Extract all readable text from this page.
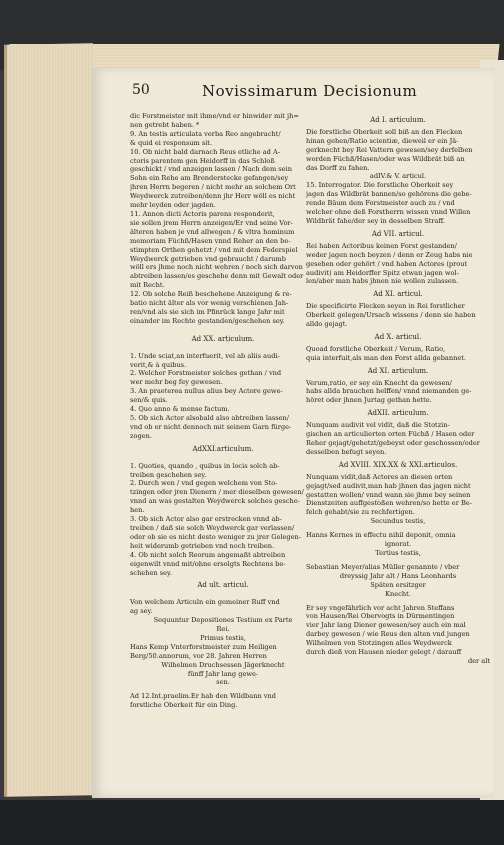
50	Novissimarum Decisionum
dic Forstmeister mit ihme/vnd er hinwider mit jh=
nen getrebt haben. *
9. An testis articulata verba Reo angebracht/
& quid ei responsum sit.
10. Ob nicht bald darnach Reus etliche ad A-
ctoris parentem gen Heidorff in das Schloß
geschickt / vnd anzeigen lassen / Nach dem sein
Sohn ein Rehe am Brenderstecke gefangen/sey
jhren Herrn begeren / nicht mehr an solchem Ort
Weydwerck zutreiben/denn jhr Herr wöll es nicht
mehr leyden oder jagden.
11. Annon dicti Actoris parens responderit,
sie sollen jrem Herrn anzeigen/Er vnd seine Vor-
älteren haben je vnd allwegen / & vltra hominum
memoriam Füchß/Hasen vnnd Reher an den be-
stimpten Orthen gehetzt / vnd mit dem Federspiel
Weydwerck getrieben vnd gebraucht / darumb
wöll ers jhme noch nicht wehren / noch sich darvon
abtreiben lassen/es geschehe denn mit Gewalt oder
mit Recht.
12. Ob solche Reiß beschehene Anzeigung & re-
batio nicht älter als vor wenig verschienen Jah-
ren/vnd als sie sich im Pfinrück lange Jahr mit
einander im Rechte gestanden/geschehen sey.
Ad XX. articulum.
1. Unde sciat,an interfuerit, vel ab aliis audi-
verit,& à quibus.
2. Welcher Forstmeister solches gethan / vnd
wer mehr beg fey gewesen.
3. An praeterea nullus alius bey Actore gewe-
sen/& quis.
4. Quo anno & mense factum.
5. Ob sich Actor alsobald also abtreiben lassen/
vnd ob er nicht dennoch mit seinem Garn fürge-
zogen.
AdXXI.articulum.
1. Quoties, quando , quibus in locis solch ab-
treiben geschehen sey.
2. Durch wen / vnd gegen welchem von Sto-
tzingen oder jren Dienern / mer dieselben gewesen/
vnnd an was gestalten Weydwerck solches gesche-
hen.
3. Ob sich Actor also gar erstrecken vnnd ab-
treiben / daß sie solch Weydwerck gar verlassen/
oder ob sie es nicht desto weniger zu jrer Gelegen-
heit widerumb getrieben vnd noch treiben.
4. Ob nicht solch Reorum angemaßt abtreiben
eigenwilt vnnd mit/ohne ersolgts Rechtens be-
schehen sey.
Ad ult. articul.
Von welchem Articuln ein gemeiner Ruff vnd
ag sey.
Sequuntur Depositiones Testium ex Parte
Rei.
Primus testis,
Hans Kemp Vnterforstmeister zum Heiligen
Berg/50.annorum, vor 28. Jahren Herren
Wilhelmen Druchsessen Jägerknecht
fünff Jahr lang gewe-
sen.
Ad 12.Int.praelim.Er hab den Wildbann vnd
forstliche Oberkeit für ein Ding.
Ad I. articulum.
Die forstliche Oberkeit soll biß an den Flecken
hinan gehen/Ratio scientiæ, dieweil er ein Jä-
gerknecht bey Rei Vattern gewesen/sey derfelben
worden Füchß/Hasen/oder was Wildbrät biß an
das Dorff zu fahen.
adIV.& V. articul.
15. Interrogator. Die forstliche Oberkeit sey
jagen das Wildbrät bannen/so gehörens die gebe-
rende Bäum dem Forstmeister auch zu / vnd
welcher ohne deß Forstherrn wissen vnnd Willen
Wildbrät fahe/der sey in desselben Straff.
Ad VII. articul.
Rei haben Actoribus keinen Forst gestanden/
weder jagen noch beyzen / denn er Zeug habs nie
gesehen oder gehört / vnd haben Actores (prout
audivit) am Heidorffer Spitz etwan jagen wol-
len/aber man habs jhnen nie wollen zulassen.
Ad XI. articul.
Die specificirte Flecken seyen in Rei forstlicher
Oberkeit gelegen/Ursach wissens / denn sie haben
alldo gejagt.
Ad X. articul.
Quoad forstliche Oberkeit / Verum, Ratio,
quia interfuit,als man den Forst allda gebannet.
Ad XI. articulum.
Verum,ratio, er sey ein Knecht da gewesen/
habs allda brauchen helffen/ vnnd niemanden ge-
höret oder jhnen Jurtag gethan hette.
AdXII. articulum.
Nunquam audivit vel vidit, daß die Stotzin-
gischen an articulierten orten Füchß / Hasen oder
Reher gejagt/gehetzt/gebeyst oder geschossen/oder
desselben befugt seyen.
Ad XVIII. XIX.XX & XXI.articulos.
Nunquam vidit,daß Actores an diesen orten
gejagt/sed audivit,man hab jhnen das jagen nicht
gestatten wollen/ vnnd wann sie jhme bey seinen
Dienstzeiten auffgestoßen wehren/so hette er Be-
felch gehabt/sie zu rechfertigen.
Secundus testis,
Hanns Kernes in effectu nihil deponit, omnia
ignorat.
Tertius testis,
Sebastian Meyer/alias Müller genannte / vber
dreyssig Jahr alt / Hans Leonhards
Späten ersitzger
Knecht.
Er sey vngefährlich vor acht Jahren Steffans
von Hausen/Rei Obervogts in Dürmentingen
vier Jahr lang Diener gewesen/sey auch ein mal
darbey gewesen / wie Reus den alten vnd jungen
Wilhelmen von Stotzingen alles Weydwerck
durch dieß von Hausen nieder gelegt / darauff
der alt
